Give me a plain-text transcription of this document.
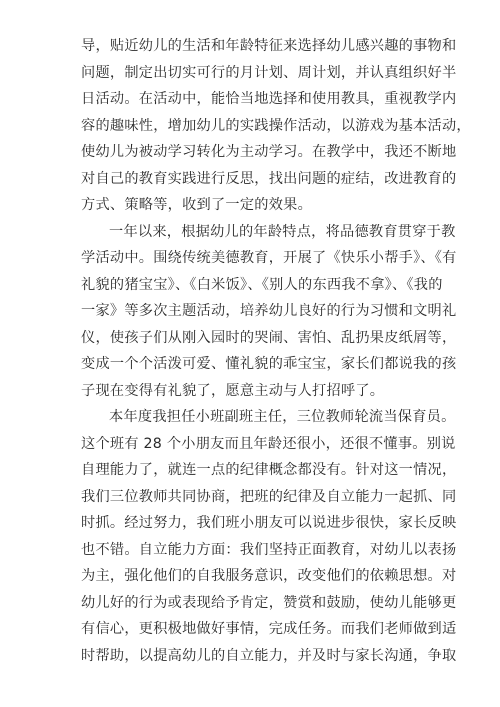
导，贴近幼儿的生活和年龄特征来选择幼儿感兴趣的事物和
问题，制定出切实可行的月计划、周计划，并认真组织好半
日活动。在活动中，能恰当地选择和使用教具，重视教学内
容的趣味性，增加幼儿的实践操作活动，以游戏为基本活动，
使幼儿为被动学习转化为主动学习。在教学中，我还不断地
对自己的教育实践进行反思，找出问题的症结，改进教育的
方式、策略等，收到了一定的效果。
一年以来，根据幼儿的年龄特点，将品德教育贯穿于教
学活动中。围绕传统美德教育，开展了《快乐小帮手》、《有
礼貌的猪宝宝》、《白米饭》、《别人的东西我不拿》、《我的
一家》等多次主题活动，培养幼儿良好的行为习惯和文明礼
仪，使孩子们从刚入园时的哭闹、害怕、乱扔果皮纸屑等，
变成一个个活泼可爱、懂礼貌的乖宝宝，家长们都说我的孩
子现在变得有礼貌了，愿意主动与人打招呼了。
本年度我担任小班副班主任，三位教师轮流当保育员。
这个班有 28 个小朋友而且年龄还很小，还很不懂事。别说
自理能力了，就连一点的纪律概念都没有。针对这一情况，
我们三位教师共同协商，把班的纪律及自立能力一起抓、同
时抓。经过努力，我们班小朋友可以说进步很快，家长反映
也不错。自立能力方面：我们坚持正面教育，对幼儿以表扬
为主，强化他们的自我服务意识，改变他们的依赖思想。对
幼儿好的行为或表现给予肯定，赞赏和鼓励，使幼儿能够更
有信心，更积极地做好事情，完成任务。而我们老师做到适
时帮助，以提高幼儿的自立能力，并及时与家长沟通，争取
